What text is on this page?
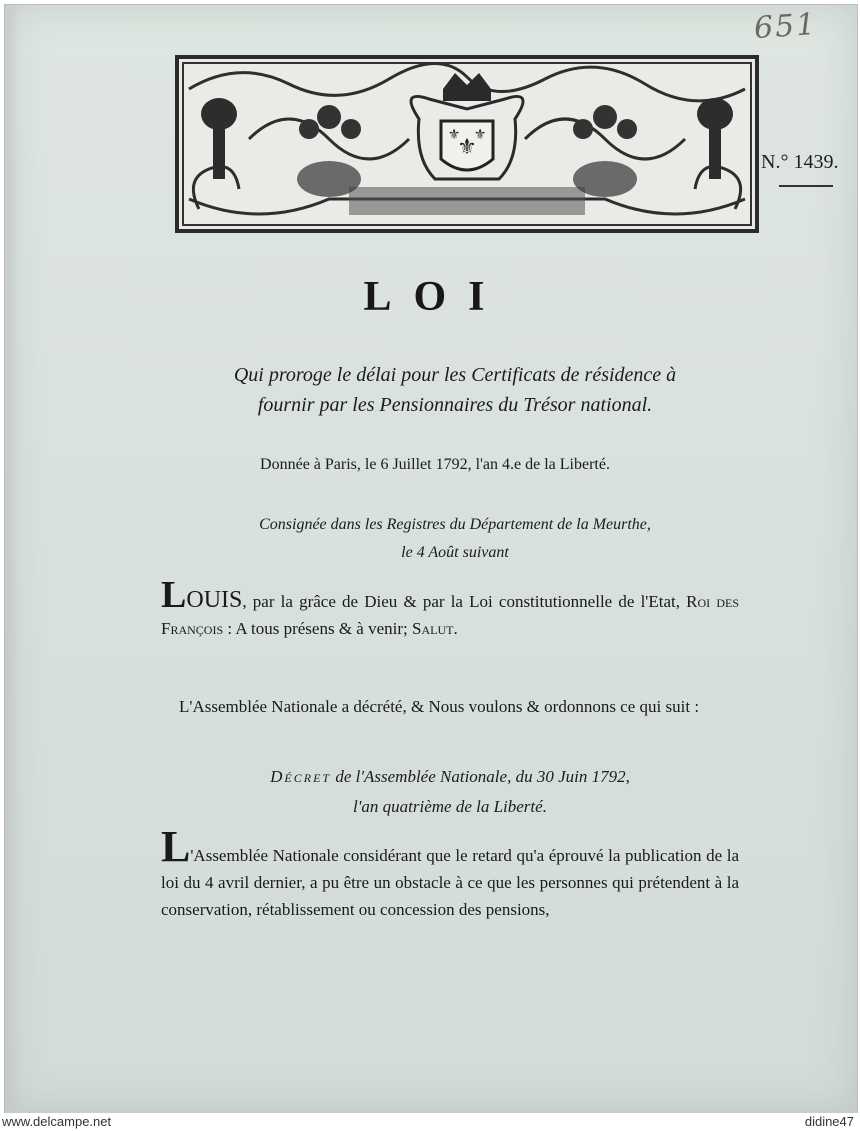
651
⚜
⚜ ⚜
N.° 1439.
LOI
Qui proroge le délai pour les Certificats de résidence à
fournir par les Pensionnaires du Trésor national.
Donnée à Paris, le 6 Juillet 1792, l'an 4.e de la Liberté.
Consignée dans les Registres du Département de la Meurthe,
le 4 Août suivant

LOUIS, par la grâce de Dieu & par la Loi constitutionnelle de l'Etat, Roi des François : A tous présens & à venir; Salut.

L'Assemblée Nationale a décrété, & Nous voulons & ordonnons ce qui suit :

Décret de l'Assemblée Nationale, du 30 Juin 1792,
l'an quatrième de la Liberté.

L'Assemblée Nationale considérant que le retard qu'a éprouvé la publication de la loi du 4 avril dernier, a pu être un obstacle à ce que les personnes qui prétendent à la conservation, rétablissement ou concession des pensions,

www.delcampe.net	didine47
